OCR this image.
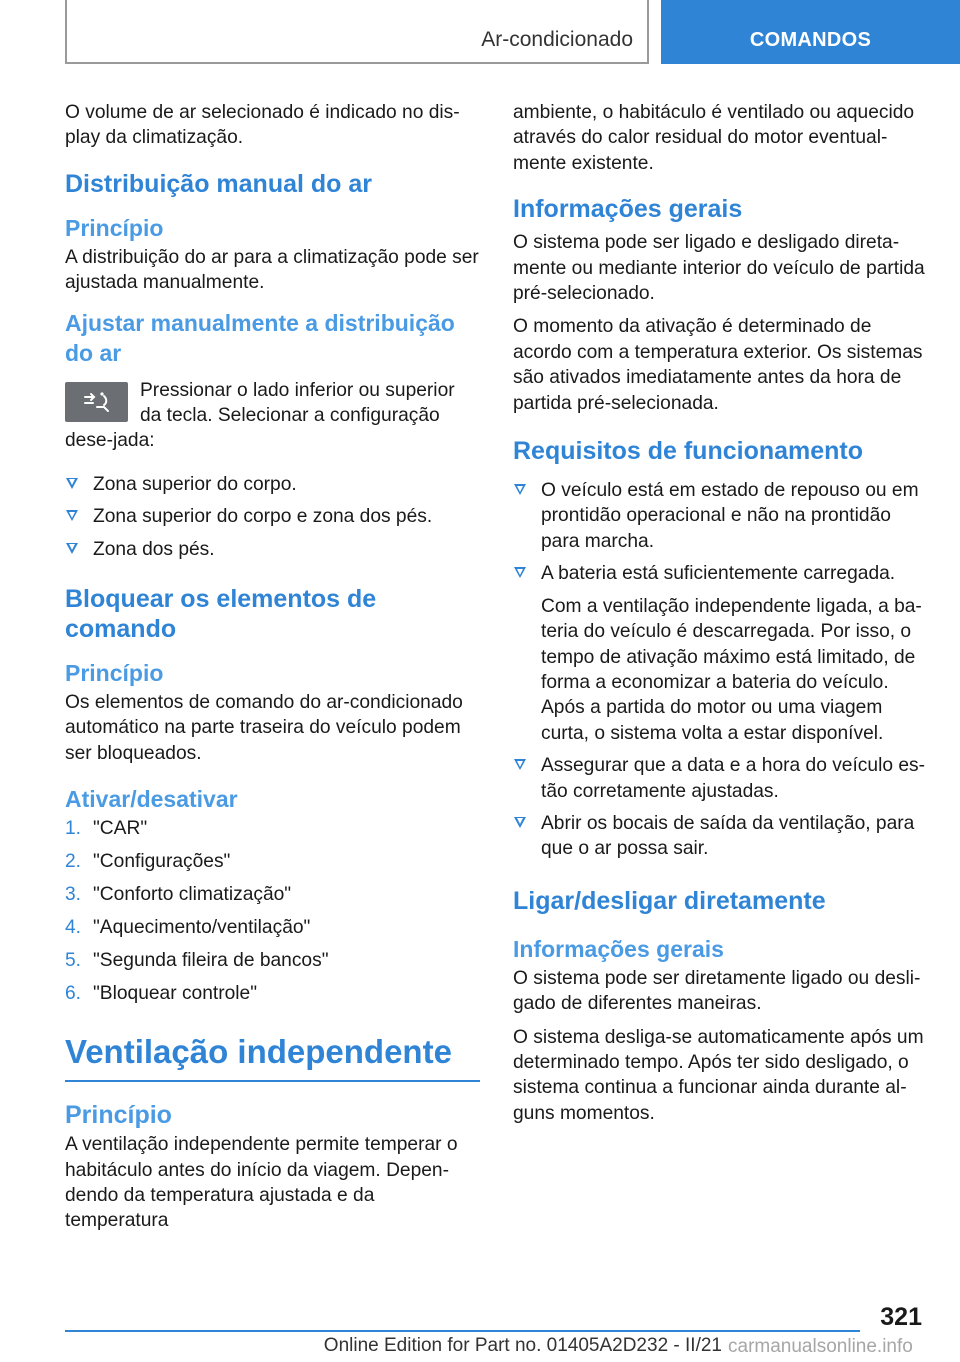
Ar-condicionado	COMANDOS

O volume de ar selecionado é indicado no dis-play da climatização.

Distribuição manual do ar
Princípio

A distribuição do ar para a climatização pode ser ajustada manualmente.

Ajustar manualmente a distribuição do ar

Pressionar o lado inferior ou superior da tecla. Selecionar a configuração dese-jada:

Zona superior do corpo.
Zona superior do corpo e zona dos pés.
Zona dos pés.
Bloquear os elementos de comando
Princípio

Os elementos de comando do ar-condicionado automático na parte traseira do veículo podem ser bloqueados.

Ativar/desativar
1. "CAR"
2. "Configurações"
3. "Conforto climatização"
4. "Aquecimento/ventilação"
5. "Segunda fileira de bancos"
6. "Bloquear controle"
Ventilação independente
Princípio

A ventilação independente permite temperar o habitáculo antes do início da viagem. Depen-dendo da temperatura ajustada e da temperatura

ambiente, o habitáculo é ventilado ou aquecido através do calor residual do motor eventual-mente existente.

Informações gerais

O sistema pode ser ligado e desligado direta-mente ou mediante interior do veículo de partida pré-selecionado.

O momento da ativação é determinado de acordo com a temperatura exterior. Os sistemas são ativados imediatamente antes da hora de partida pré-selecionada.

Requisitos de funcionamento
O veículo está em estado de repouso ou em prontidão operacional e não na prontidão para marcha.
A bateria está suficientemente carregada.
Com a ventilação independente ligada, a ba-teria do veículo é descarregada. Por isso, o tempo de ativação máximo está limitado, de forma a economizar a bateria do veículo. Após a partida do motor ou uma viagem curta, o sistema volta a estar disponível.
Assegurar que a data e a hora do veículo es-tão corretamente ajustadas.
Abrir os bocais de saída da ventilação, para que o ar possa sair.
Ligar/desligar diretamente
Informações gerais

O sistema pode ser diretamente ligado ou desli-gado de diferentes maneiras.

O sistema desliga-se automaticamente após um determinado tempo. Após ter sido desligado, o sistema continua a funcionar ainda durante al-guns momentos.

321
Online Edition for Part no. 01405A2D232 - II/21 carmanualsonline.info
